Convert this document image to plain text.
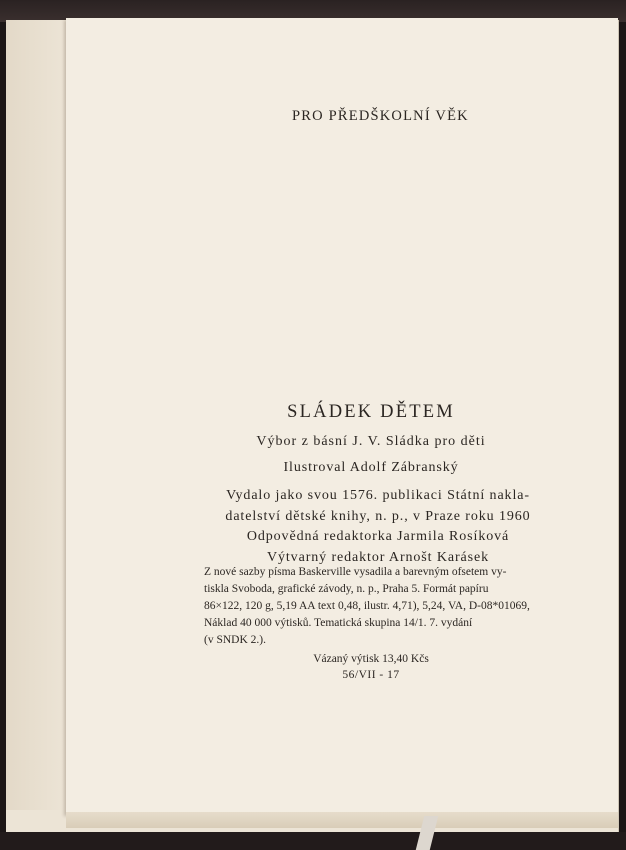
PRO PŘEDŠKOLNÍ VĚK
SLÁDEK DĚTEM
Výbor z básní J. V. Sládka pro děti
Ilustroval Adolf Zábranský
Vydalo jako svou 1576. publikaci Státní nakla-
datelství dětské knihy, n. p., v Praze roku 1960
Odpovědná redaktorka Jarmila Rosíková
Výtvarný redaktor Arnošt Karásek
Z nové sazby písma Baskerville vysadila a barevným ofsetem vy-
tiskla Svoboda, grafické závody, n. p., Praha 5. Formát papíru
86×122, 120 g, 5,19 AA text 0,48, ilustr. 4,71), 5,24, VA, D-08*01069,
Náklad 40 000 výtisků. Tematická skupina 14/1. 7. vydání
(v SNDK 2.).
Vázaný výtisk 13,40 Kčs
56/VII - 17
